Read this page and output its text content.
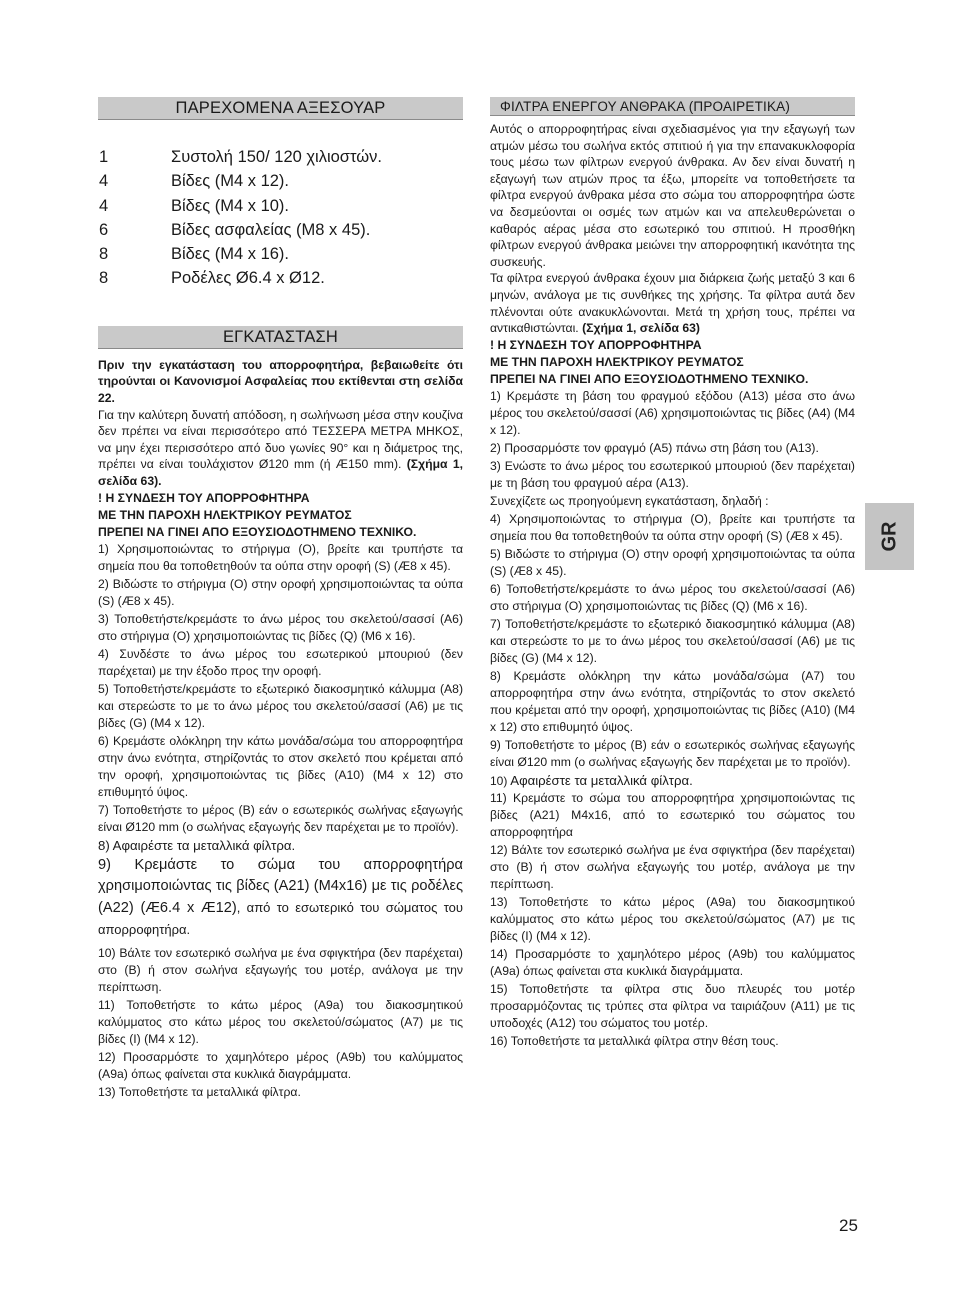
ΠΑΡΕΧΟΜΕΝΑ ΑΞΕΣΟΥΑΡ
1	Συστολή 150/ 120 χιλιοστών.
4	Βίδες (M4 x 12).
4	Βίδες (M4 x 10).
6	Βίδες ασφαλείας (M8 x 45).
8	Βίδες (M4 x 16).
8	Ροδέλες Ø6.4 x Ø12.
ΕΓΚΑΤΑΣΤΑΣΗ

Πριν την εγκατάσταση του απορροφητήρα, βεβαιωθείτε ότι τηρούνται οι Κανονισμοί Ασφαλείας που εκτίθενται στη σελίδα 22.

Για την καλύτερη δυνατή απόδοση, η σωλήνωση μέσα στην κουζίνα δεν πρέπει να είναι περισσότερο από ΤΕΣΣΕΡΑ ΜΕΤΡΑ ΜΗΚΟΣ, να μην έχει περισσότερο από δυο γωνίες 90° και η διάμετρος της, πρέπει να είναι τουλάχιστον Ø120 mm (ή Æ150 mm). (Σχήμα 1, σελίδα 63).

! Η ΣΥΝΔΕΣΗ ΤΟΥ ΑΠΟΡΡΟΦΗΤΗΡΑ

ΜΕ ΤΗΝ ΠΑΡΟΧΗ ΗΛΕΚΤΡΙΚΟΥ ΡΕΥΜΑΤΟΣ

ΠΡΕΠΕΙ ΝΑ ΓΙΝΕΙ ΑΠΟ ΕΞΟΥΣΙΟΔΟΤΗΜΕΝΟ ΤΕΧΝΙΚΟ.

1) Χρησιμοποιώντας το στήριγμα (O), βρείτε και τρυπήστε τα σημεία που θα τοποθετηθούν τα ούπα στην οροφή (S) (Æ8 x 45).

2) Βιδώστε το στήριγμα (O) στην οροφή χρησιμοποιώντας τα ούπα (S) (Æ8 x 45).

3) Τοποθετήστε/κρεμάστε το άνω μέρος του σκελετού/σασσί (A6) στο στήριγμα (O) χρησιμοποιώντας τις βίδες (Q) (M6 x 16).

4) Συνδέστε το άνω μέρος του εσωτερικού μπουριού (δεν παρέχεται) με την έξοδο προς την οροφή.

5) Τοποθετήστε/κρεμάστε το εξωτερικό διακοσμητικό κάλυμμα (A8) και στερεώστε το με το άνω μέρος του σκελετού/σασσί (A6) με τις βίδες (G) (M4 x 12).

6) Κρεμάστε ολόκληρη την κάτω μονάδα/σώμα του απορροφητήρα στην άνω ενότητα, στηρίζοντάς το στον σκελετό που κρέμεται από την οροφή, χρησιμοποιώντας τις βίδες (A10) (M4 x 12) στο επιθυμητό ύψος.

7) Τοποθετήστε το μέρος (B) εάν ο εσωτερικός σωλήνας εξαγωγής είναι Ø120 mm (ο σωλήνας εξαγωγής δεν παρέχεται με το προϊόν).

8) Αφαιρέστε τα μεταλλικά φίλτρα.

9) Κρεμάστε το σώμα του απορροφητήρα χρησιμοποιώντας τις βίδες (A21) (M4x16) με τις ροδέλες (A22) (Æ6.4 x Æ12), από το εσωτερικό του σώματος του απορροφητήρα.

10) Βάλτε τον εσωτερικό σωλήνα με ένα σφιγκτήρα (δεν παρέχεται) στο (B) ή στον σωλήνα εξαγωγής του μοτέρ, ανάλογα με την περίπτωση.

11) Τοποθετήστε το κάτω μέρος (A9a) του διακοσμητικού καλύμματος στο κάτω μέρος του σκελετού/σώματος (A7) με τις βίδες (I) (M4 x 12).

12) Προσαρμόστε το χαμηλότερο μέρος (A9b) του καλύμματος (A9a) όπως φαίνεται στα κυκλικά διαγράμματα.

13) Τοποθετήστε τα μεταλλικά φίλτρα.

ΦΙΛΤΡΑ ΕΝΕΡΓΟΥ ΑΝΘΡΑΚΑ (ΠΡΟΑΙΡΕΤΙΚΑ)

Αυτός ο απορροφητήρας είναι σχεδιασμένος για την εξαγωγή των ατμών μέσω του σωλήνα εκτός σπιτιού ή για την επανακυκλοφορία τους μέσω των φίλτρων ενεργού άνθρακα. Αν δεν είναι δυνατή η εξαγωγή των ατμών προς τα έξω, μπορείτε να τοποθετήσετε τα φίλτρα ενεργού άνθρακα μέσα στο σώμα του απορροφητήρα ώστε να δεσμεύονται οι οσμές των ατμών και να απελευθερώνεται ο καθαρός αέρας μέσα στο εσωτερικό του σπιτιού. Η προσθήκη φίλτρων ενεργού άνθρακα μειώνει την απορροφητική ικανότητα της συσκευής.

Τα φίλτρα ενεργού άνθρακα έχουν μια διάρκεια ζωής μεταξύ 3 και 6 μηνών, ανάλογα με τις συνθήκες της χρήσης. Τα φίλτρα αυτά δεν πλένονται ούτε ανακυκλώνονται. Μετά τη χρήση τους, πρέπει να αντικαθιστώνται. (Σχήμα 1, σελίδα 63)

! Η ΣΥΝΔΕΣΗ ΤΟΥ ΑΠΟΡΡΟΦΗΤΗΡΑ

ΜΕ ΤΗΝ ΠΑΡΟΧΗ ΗΛΕΚΤΡΙΚΟΥ ΡΕΥΜΑΤΟΣ

ΠΡΕΠΕΙ ΝΑ ΓΙΝΕΙ ΑΠΟ ΕΞΟΥΣΙΟΔΟΤΗΜΕΝΟ ΤΕΧΝΙΚΟ.

1) Κρεμάστε τη βάση του φραγμού εξόδου (A13) μέσα στο άνω μέρος του σκελετού/σασσί (A6) χρησιμοποιώντας τις βίδες (A4) (M4 x 12).

2) Προσαρμόστε τον φραγμό (A5) πάνω στη βάση του (A13).

3) Ενώστε το άνω μέρος του εσωτερικού μπουριού (δεν παρέχεται) με τη βάση του φραγμού αέρα (A13).

Συνεχίζετε ως προηγούμενη εγκατάσταση, δηλαδή :

4) Χρησιμοποιώντας το στήριγμα (O), βρείτε και τρυπήστε τα σημεία που θα τοποθετηθούν τα ούπα στην οροφή (S) (Æ8 x 45).

5) Βιδώστε το στήριγμα (O) στην οροφή χρησιμοποιώντας τα ούπα (S) (Æ8 x 45).

6) Τοποθετήστε/κρεμάστε το άνω μέρος του σκελετού/σασσί (A6) στο στήριγμα (O) χρησιμοποιώντας τις βίδες (Q) (M6 x 16).

7) Τοποθετήστε/κρεμάστε το εξωτερικό διακοσμητικό κάλυμμα (A8) και στερεώστε το με το άνω μέρος του σκελετού/σασσί (A6) με τις βίδες (G) (M4 x 12).

8) Κρεμάστε ολόκληρη την κάτω μονάδα/σώμα (A7) του απορροφητήρα στην άνω ενότητα, στηρίζοντάς το στον σκελετό που κρέμεται από την οροφή, χρησιμοποιώντας τις βίδες (A10) (M4 x 12) στο επιθυμητό ύψος.

9) Τοποθετήστε το μέρος (B) εάν ο εσωτερικός σωλήνας εξαγωγής είναι Ø120 mm (ο σωλήνας εξαγωγής δεν παρέχεται με το προϊόν).

10) Αφαιρέστε τα μεταλλικά φίλτρα.

11) Κρεμάστε το σώμα του απορροφητήρα χρησιμοποιώντας τις βίδες (A21) M4x16, από το εσωτερικό του σώματος του απορροφητήρα

12) Βάλτε τον εσωτερικό σωλήνα με ένα σφιγκτήρα (δεν παρέχεται) στο (B) ή στον σωλήνα εξαγωγής του μοτέρ, ανάλογα με την περίπτωση.

13) Τοποθετήστε το κάτω μέρος (A9a) του διακοσμητικού καλύμματος στο κάτω μέρος του σκελετού/σώματος (A7) με τις βίδες (I) (M4 x 12).

14) Προσαρμόστε το χαμηλότερο μέρος (A9b) του καλύμματος (A9a) όπως φαίνεται στα κυκλικά διαγράμματα.

15) Τοποθετήστε τα φίλτρα στις δυο πλευρές του μοτέρ προσαρμόζοντας τις τρύπες στα φίλτρα να ταιριάζουν (A11) με τις υποδοχές (A12) του σώματος του μοτέρ.

16) Τοποθετήστε τα μεταλλικά φίλτρα στην θέση τους.

GR
25
